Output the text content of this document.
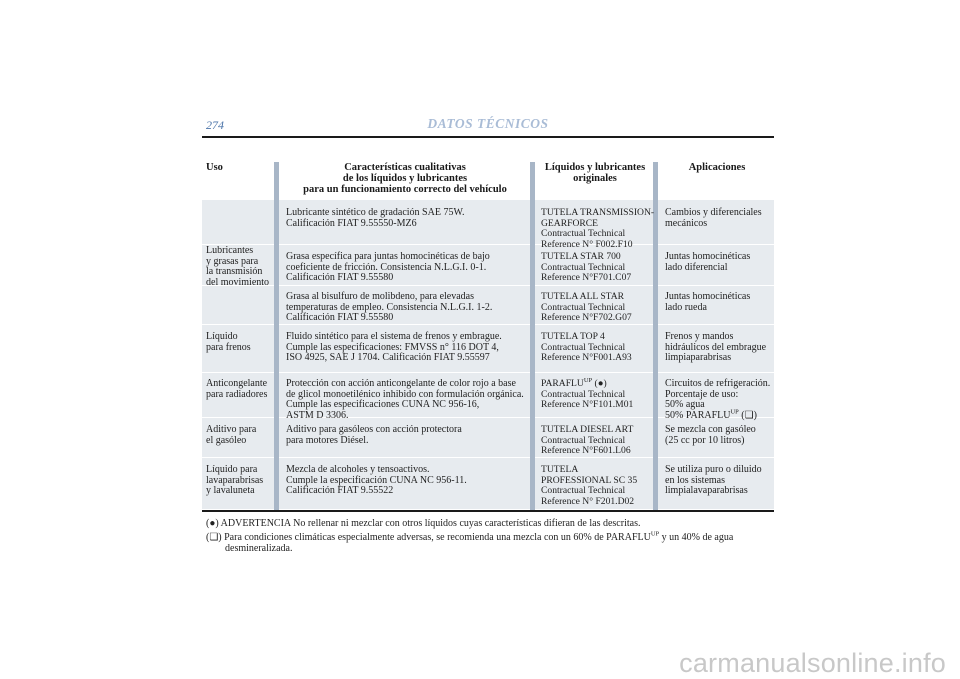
274	DATOS TÉCNICOS
Uso	Características cualitativas
de los líquidos y lubricantes
para un funcionamiento correcto del vehículo
Líquidos y lubricantes
originales
Aplicaciones
Lubricantes
y grasas para
la transmisión
del movimiento
Lubricante sintético de gradación SAE 75W.
Calificación FIAT 9.55550-MZ6
TUTELA TRANSMISSION-
GEARFORCE
Contractual Technical
Reference N° F002.F10
Cambios y diferenciales
mecánicos
Grasa específica para juntas homocinéticas de bajo
coeficiente de fricción. Consistencia N.L.G.I. 0-1.
Calificación FIAT 9.55580
TUTELA STAR 700
Contractual Technical
Reference N°F701.C07
Juntas homocinéticas
lado diferencial
Grasa al bisulfuro de molibdeno, para elevadas
temperaturas de empleo. Consistencia N.L.G.I. 1-2.
Calificación FIAT 9.55580
TUTELA ALL STAR
Contractual Technical
Reference N°F702.G07
Juntas homocinéticas
lado rueda
Líquido
para frenos
Fluido sintético para el sistema de frenos y embrague.
Cumple las especificaciones: FMVSS n° 116 DOT 4,
ISO 4925, SAE J 1704. Calificación FIAT 9.55597
TUTELA TOP 4
Contractual Technical
Reference N°F001.A93
Frenos y mandos
hidráulicos del embrague
limpiaparabrisas
Anticongelante
para radiadores
Protección con acción anticongelante de color rojo a base
de glicol monoetilénico inhibido con formulación orgánica.
Cumple las especificaciones CUNA NC 956-16,
ASTM D 3306.
$PARAFLU^{UP}$ (●)
Contractual Technical
Reference N°F101.M01
Circuitos de refrigeración.
Porcentaje de uso:
50% agua
50% $PARAFLU^{UP}$ (❏)
Aditivo para
el gasóleo
Aditivo para gasóleos con acción protectora
para motores Diésel.
TUTELA DIESEL ART
Contractual Technical
Reference N°F601.L06
Se mezcla con gasóleo
(25 cc por 10 litros)
Líquido para
lavaparabrisas
y lavaluneta
Mezcla de alcoholes y tensoactivos.
Cumple la especificación CUNA NC 956-11.
Calificación FIAT 9.55522
TUTELA
PROFESSIONAL SC 35
Contractual Technical
Reference N° F201.D02
Se utiliza puro o diluido
en los sistemas
limpialavaparabrisas
(●) ADVERTENCIA No rellenar ni mezclar con otros líquidos cuyas características difieran de las descritas.
(❏) Para condiciones climáticas especialmente adversas, se recomienda una mezcla con un 60% de $PARAFLU^{UP}$ y un 40% de agua
desmineralizada.
carmanualsonline.info
